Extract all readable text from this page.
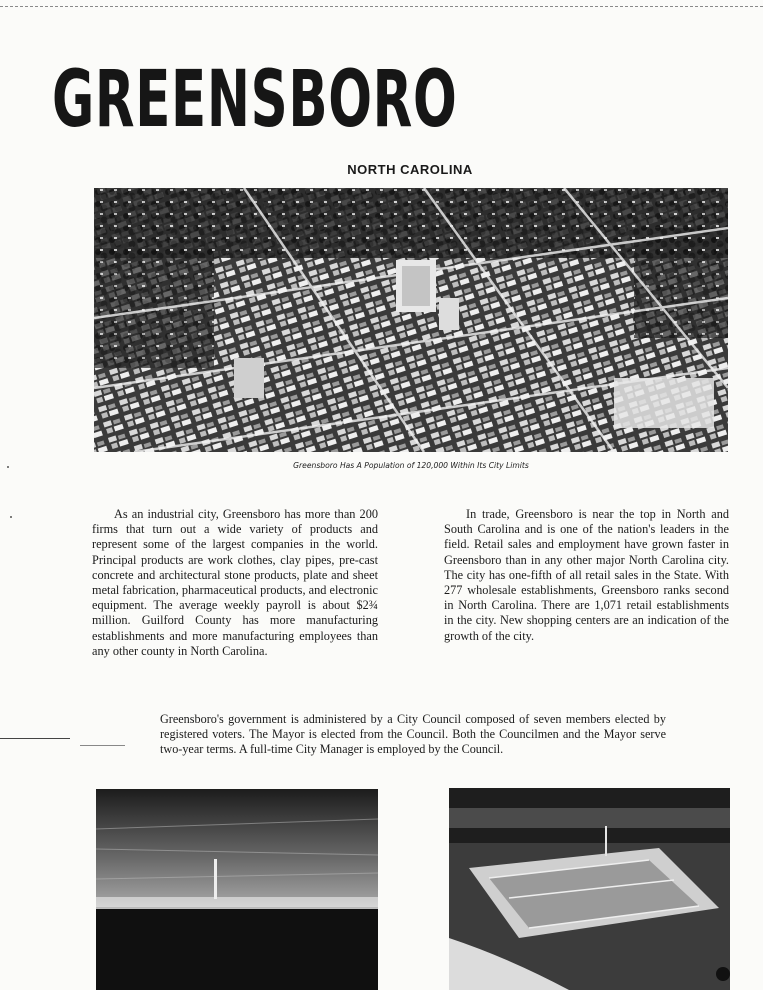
GREENSBORO
NORTH CAROLINA
Greensboro Has A Population of 120,000 Within Its City Limits

As an industrial city, Greensboro has more than 200 firms that turn out a wide variety of products and represent some of the largest companies in the world. Principal products are work clothes, clay pipes, pre-cast concrete and architectural stone products, plate and sheet metal fabrication, pharmaceutical products, and electronic equipment. The average weekly payroll is about $2¾ million. Guilford County has more manufacturing establishments and more manufacturing employees than any other county in North Carolina.

In trade, Greensboro is near the top in North and South Carolina and is one of the nation's leaders in the field. Retail sales and employment have grown faster in Greensboro than in any other major North Carolina city. The city has one-fifth of all retail sales in the State. With 277 wholesale establishments, Greensboro ranks second in North Carolina. There are 1,071 retail establishments in the city. New shopping centers are an indication of the growth of the city.

Greensboro's government is administered by a City Council composed of seven members elected by registered voters. The Mayor is elected from the Council. Both the Councilmen and the Mayor serve two-year terms. A full-time City Manager is employed by the Council.
